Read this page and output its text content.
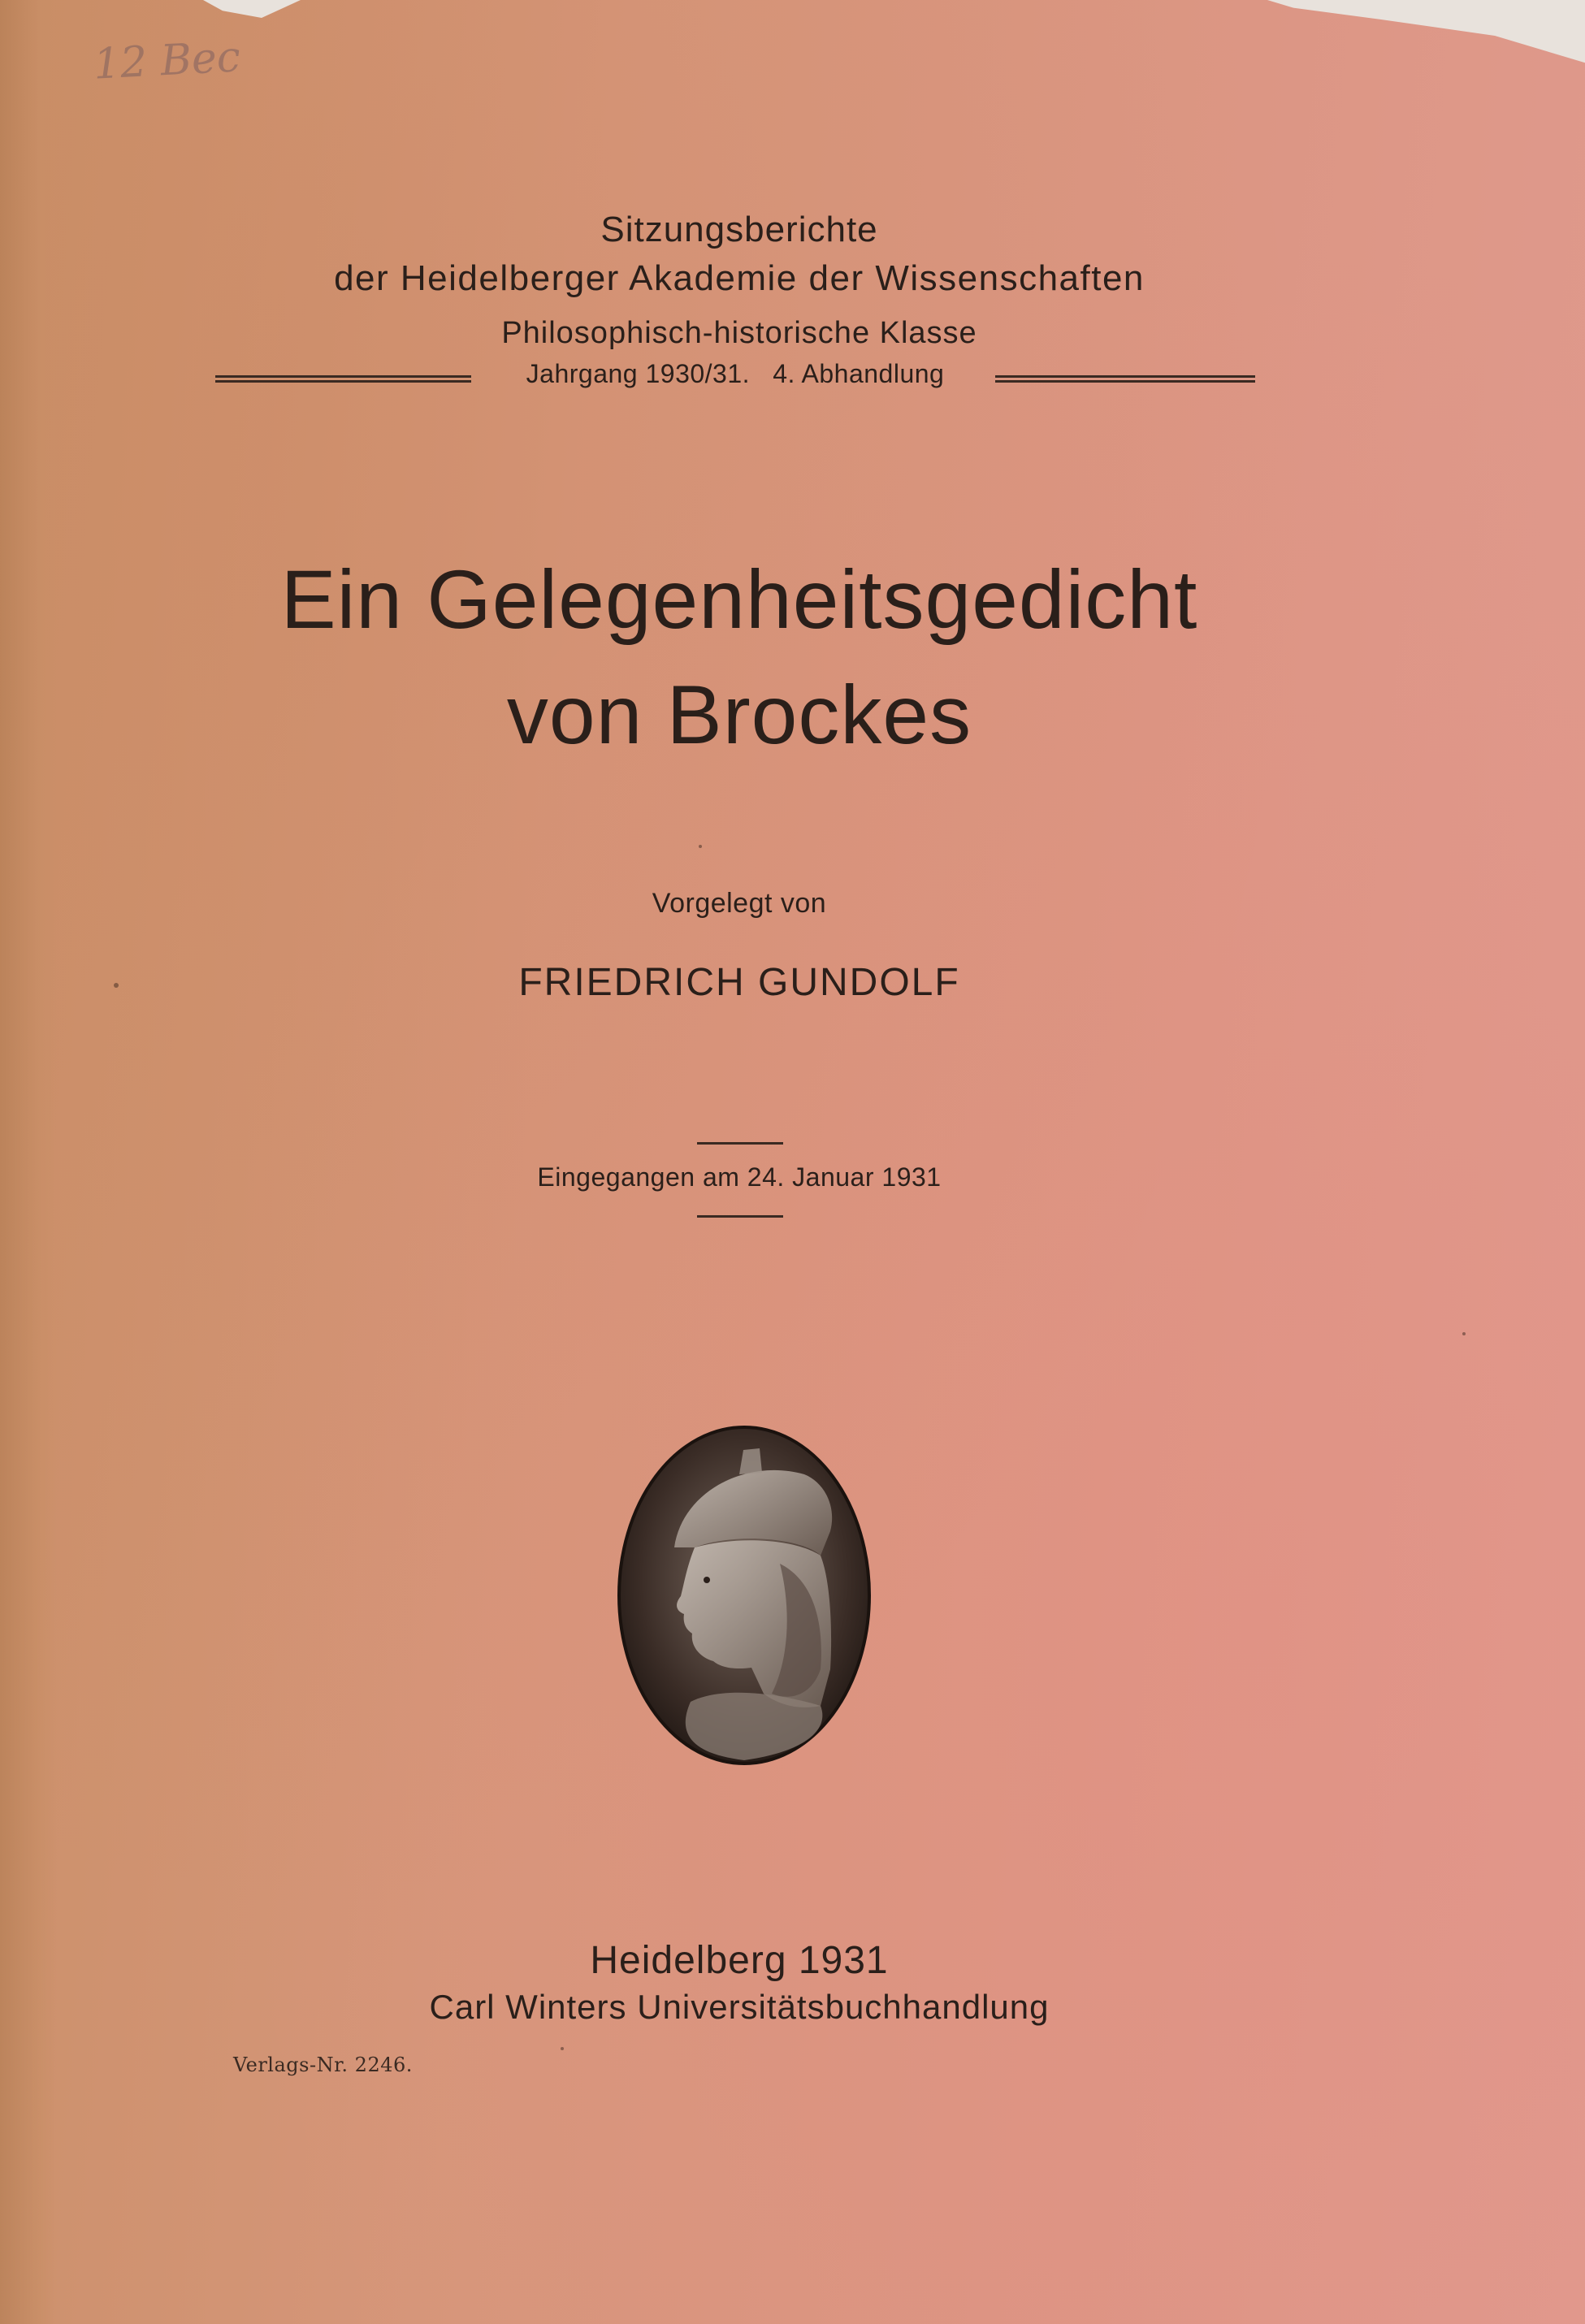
12 Bec
Sitzungsberichte
der Heidelberger Akademie der Wissenschaften
Philosophisch-historische Klasse
Jahrgang 1930/31.   4. Abhandlung
Ein Gelegenheitsgedicht
von Brockes
Vorgelegt von
FRIEDRICH GUNDOLF
Eingegangen am 24. Januar 1931
Heidelberg 1931
Carl Winters Universitätsbuchhandlung
Verlags-Nr. 2246.
